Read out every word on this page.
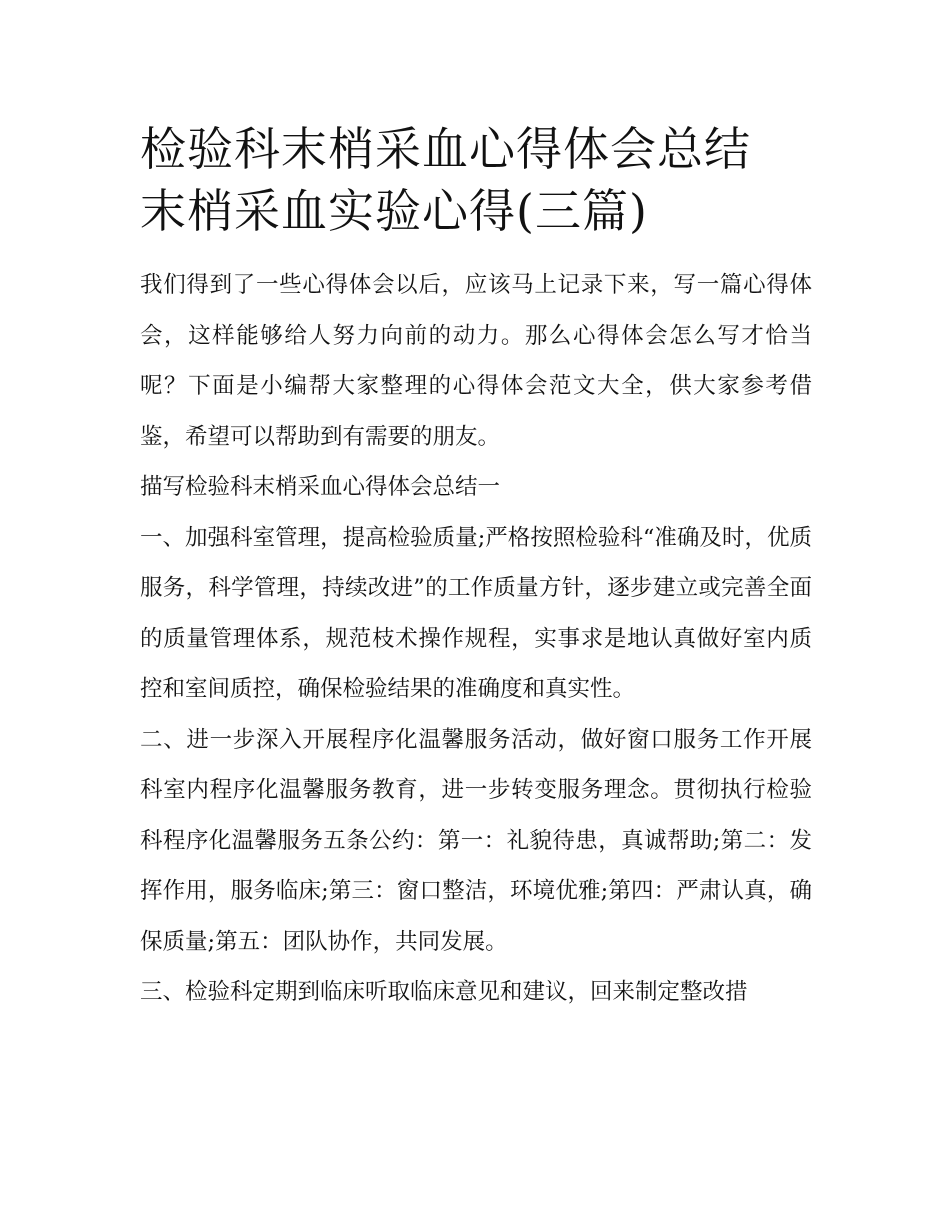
检验科末梢采血心得体会总结
末梢采血实验心得(三篇)

我们得到了一些心得体会以后，应该马上记录下来，写一篇心得体会，这样能够给人努力向前的动力。那么心得体会怎么写才恰当呢？下面是小编帮大家整理的心得体会范文大全，供大家参考借鉴，希望可以帮助到有需要的朋友。

描写检验科末梢采血心得体会总结一

一、加强科室管理，提高检验质量;严格按照检验科“准确及时，优质服务，科学管理，持续改进”的工作质量方针，逐步建立或完善全面的质量管理体系，规范枝术操作规程，实事求是地认真做好室内质控和室间质控，确保检验结果的准确度和真实性。

二、进一步深入开展程序化温馨服务活动，做好窗口服务工作开展科室内程序化温馨服务教育，进一步转变服务理念。贯彻执行检验科程序化温馨服务五条公约：第一：礼貌待患，真诚帮助;第二：发挥作用，服务临床;第三：窗口整洁，环境优雅;第四：严肃认真，确保质量;第五：团队协作，共同发展。

三、检验科定期到临床听取临床意见和建议，回来制定整改措
